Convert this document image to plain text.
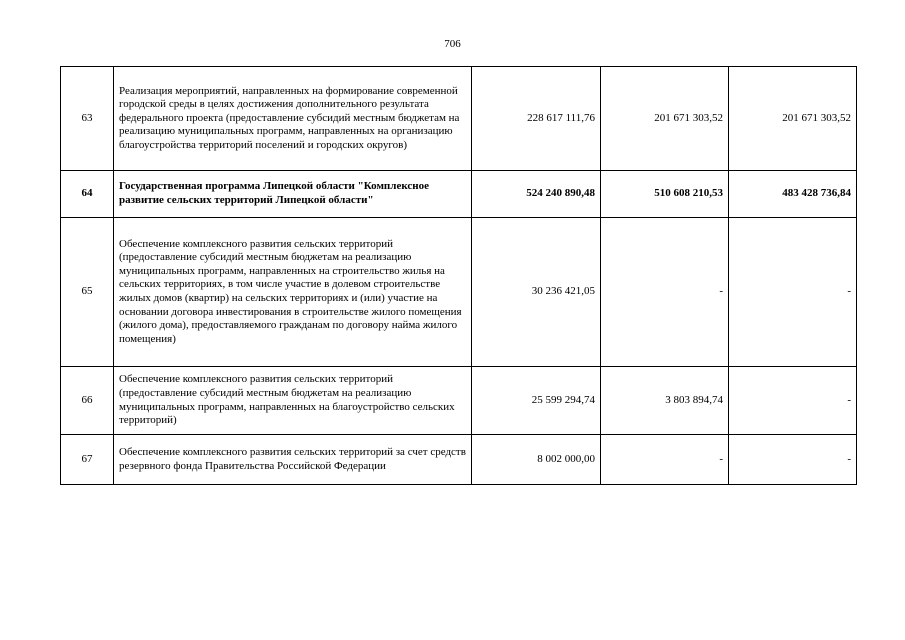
706
63	Реализация мероприятий, направленных на формирование современной городской среды в целях достижения дополнительного результата федерального проекта (предоставление субсидий местным бюджетам на реализацию муниципальных программ, направленных на организацию благоустройства территорий поселений и городских округов)	228 617 111,76	201 671 303,52	201 671 303,52
64	Государственная программа Липецкой области "Комплексное развитие сельских территорий Липецкой области"	524 240 890,48	510 608 210,53	483 428 736,84
65	Обеспечение комплексного развития сельских территорий (предоставление субсидий местным бюджетам на реализацию муниципальных программ, направленных на строительство жилья на сельских территориях, в том числе участие в долевом строительстве жилых домов (квартир) на сельских территориях и (или) участие на основании договора инвестирования в строительстве жилого помещения (жилого дома), предоставляемого гражданам по договору найма жилого помещения)	30 236 421,05	-	-
66	Обеспечение комплексного развития сельских территорий (предоставление субсидий местным бюджетам на реализацию муниципальных программ, направленных на благоустройство сельских территорий)	25 599 294,74	3 803 894,74	-
67	Обеспечение комплексного развития сельских территорий за счет средств резервного фонда Правительства Российской Федерации	8 002 000,00	-	-
